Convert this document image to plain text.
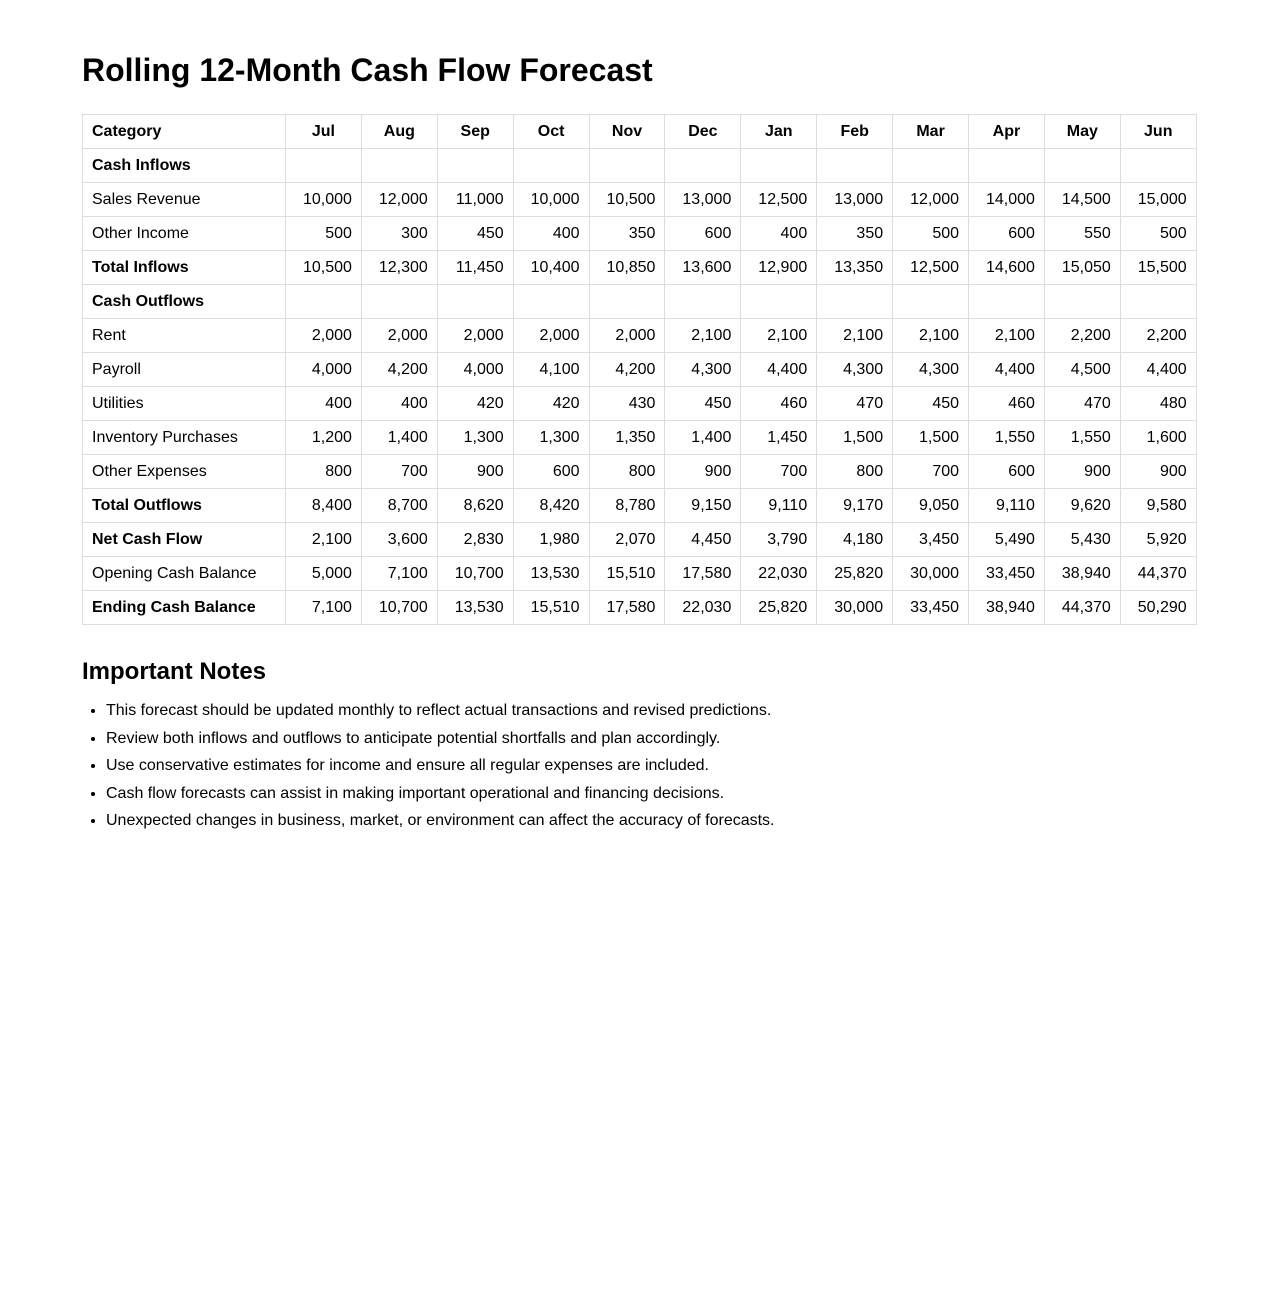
Rolling 12-Month Cash Flow Forecast
Category	Jul	Aug	Sep	Oct	Nov	Dec	Jan	Feb	Mar	Apr	May	Jun
Cash Inflows												
Sales Revenue	10,000	12,000	11,000	10,000	10,500	13,000	12,500	13,000	12,000	14,000	14,500	15,000
Other Income	500	300	450	400	350	600	400	350	500	600	550	500
Total Inflows	10,500	12,300	11,450	10,400	10,850	13,600	12,900	13,350	12,500	14,600	15,050	15,500
Cash Outflows												
Rent	2,000	2,000	2,000	2,000	2,000	2,100	2,100	2,100	2,100	2,100	2,200	2,200
Payroll	4,000	4,200	4,000	4,100	4,200	4,300	4,400	4,300	4,300	4,400	4,500	4,400
Utilities	400	400	420	420	430	450	460	470	450	460	470	480
Inventory Purchases	1,200	1,400	1,300	1,300	1,350	1,400	1,450	1,500	1,500	1,550	1,550	1,600
Other Expenses	800	700	900	600	800	900	700	800	700	600	900	900
Total Outflows	8,400	8,700	8,620	8,420	8,780	9,150	9,110	9,170	9,050	9,110	9,620	9,580
Net Cash Flow	2,100	3,600	2,830	1,980	2,070	4,450	3,790	4,180	3,450	5,490	5,430	5,920
Opening Cash Balance	5,000	7,100	10,700	13,530	15,510	17,580	22,030	25,820	30,000	33,450	38,940	44,370
Ending Cash Balance	7,100	10,700	13,530	15,510	17,580	22,030	25,820	30,000	33,450	38,940	44,370	50,290
Important Notes
• This forecast should be updated monthly to reflect actual transactions and revised predictions.
• Review both inflows and outflows to anticipate potential shortfalls and plan accordingly.
• Use conservative estimates for income and ensure all regular expenses are included.
• Cash flow forecasts can assist in making important operational and financing decisions.
• Unexpected changes in business, market, or environment can affect the accuracy of forecasts.
